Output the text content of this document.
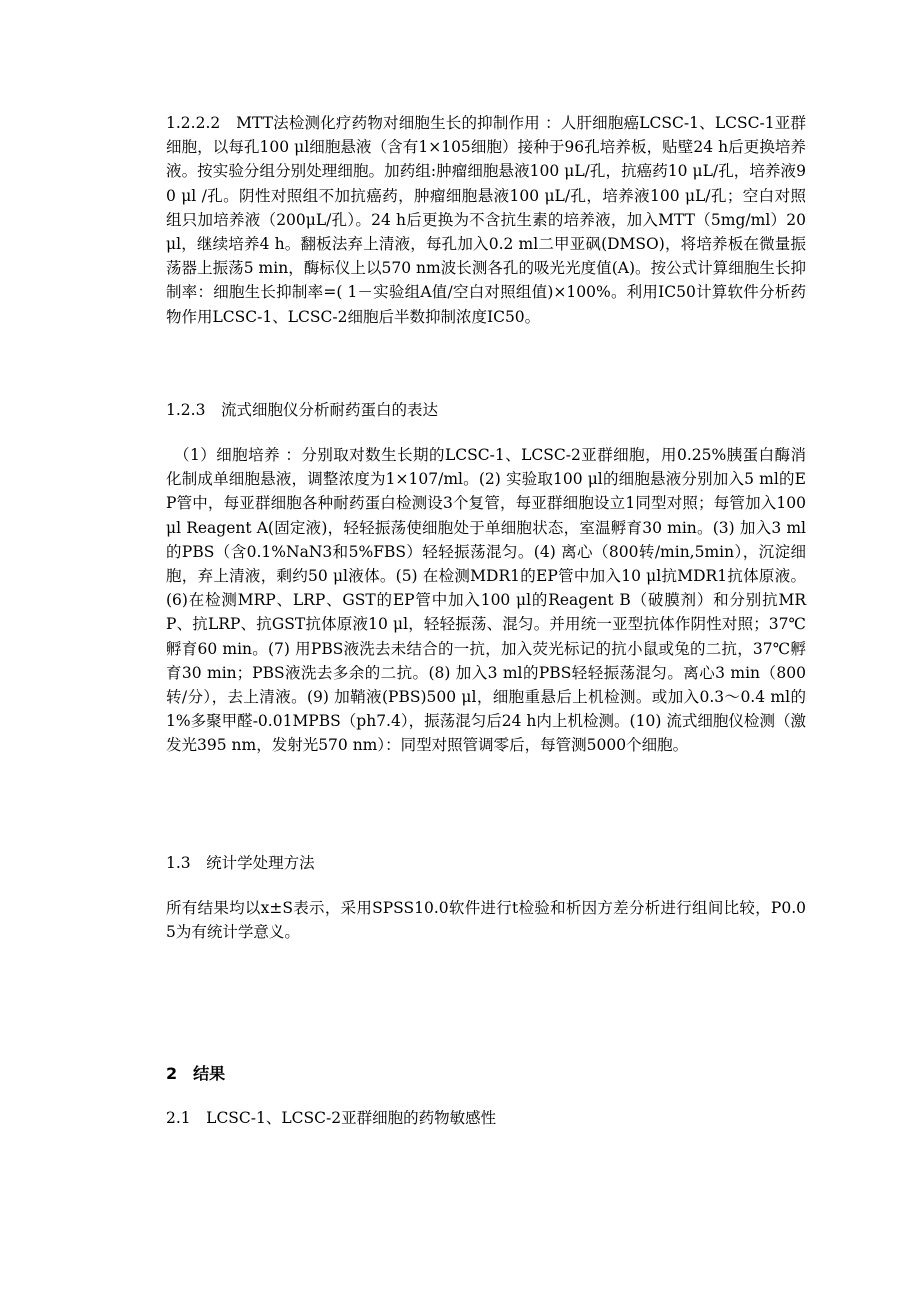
1.2.2.2　MTT法检测化疗药物对细胞生长的抑制作用 ：人肝细胞癌LCSC-1、LCSC-1亚群细胞，以每孔100 μl细胞悬液（含有1×105细胞）接种于96孔培养板，贴壁24 h后更换培养液。按实验分组分别处理细胞。加药组:肿瘤细胞悬液100 μL/孔，抗癌药10 μL/孔，培养液90 μl /孔。阴性对照组不加抗癌药，肿瘤细胞悬液100 μL/孔，培养液100 μL/孔；空白对照组只加培养液（200μL/孔）。24 h后更换为不含抗生素的培养液，加入MTT（5mg/ml）20 μl，继续培养4 h。翻板法弃上清液，每孔加入0.2 ml二甲亚砜(DMSO)，将培养板在微量振荡器上振荡5 min，酶标仪上以570 nm波长测各孔的吸光光度值(A)。按公式计算细胞生长抑制率：细胞生长抑制率=( 1－实验组A值/空白对照组值)×100%。利用IC50计算软件分析药物作用LCSC-1、LCSC-2细胞后半数抑制浓度IC50。

1.2.3　流式细胞仪分析耐药蛋白的表达

（1）细胞培养 ：分别取对数生长期的LCSC-1、LCSC-2亚群细胞，用0.25%胰蛋白酶消化制成单细胞悬液，调整浓度为1×107/ml。(2) 实验取100 μl的细胞悬液分别加入5 ml的EP管中，每亚群细胞各种耐药蛋白检测设3个复管，每亚群细胞设立1同型对照；每管加入100 μl Reagent A(固定液)，轻轻振荡使细胞处于单细胞状态，室温孵育30 min。(3) 加入3 ml的PBS（含0.1%NaN3和5%FBS）轻轻振荡混匀。(4) 离心（800转/min,5min），沉淀细胞，弃上清液，剩约50 μl液体。(5) 在检测MDR1的EP管中加入10 μl抗MDR1抗体原液。(6)在检测MRP、LRP、GST的EP管中加入100 μl的Reagent B（破膜剂）和分别抗MRP、抗LRP、抗GST抗体原液10 μl，轻轻振荡、混匀。并用统一亚型抗体作阴性对照；37℃孵育60 min。(7) 用PBS液洗去未结合的一抗，加入荧光标记的抗小鼠或兔的二抗，37℃孵育30 min；PBS液洗去多余的二抗。(8) 加入3 ml的PBS轻轻振荡混匀。离心3 min（800转/分），去上清液。(9) 加鞘液(PBS)500 μl，细胞重悬后上机检测。或加入0.3～0.4 ml的1%多聚甲醛-0.01MPBS（ph7.4），振荡混匀后24 h内上机检测。(10) 流式细胞仪检测（激发光395 nm，发射光570 nm）：同型对照管调零后，每管测5000个细胞。

1.3　统计学处理方法

所有结果均以x±S表示，采用SPSS10.0软件进行t检验和析因方差分析进行组间比较，P0.05为有统计学意义。

2　结果

2.1　LCSC-1、LCSC-2亚群细胞的药物敏感性
